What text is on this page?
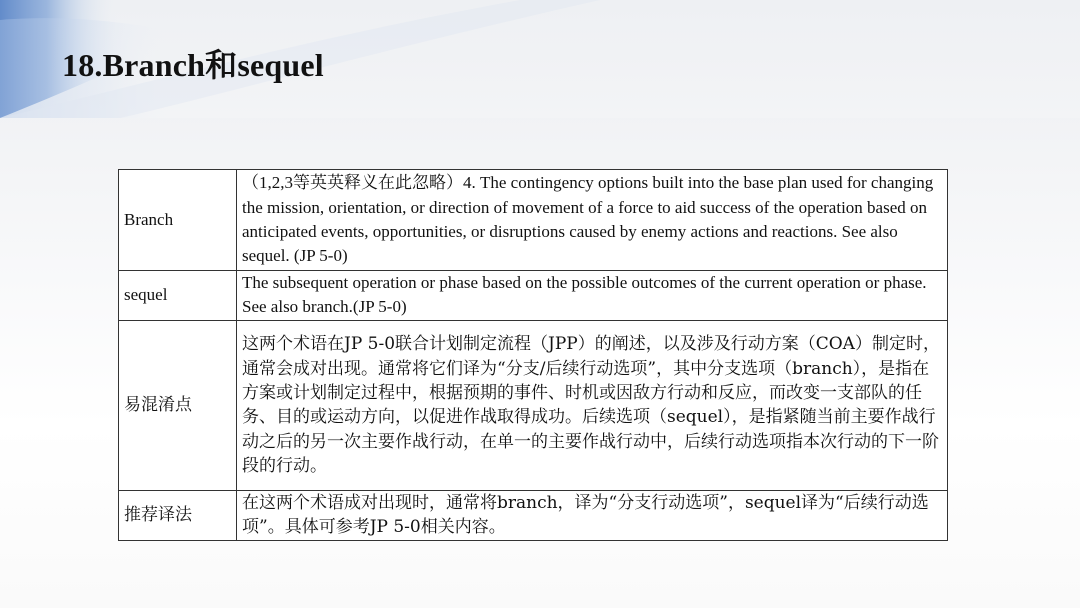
18.Branch和sequel
Branch	（1,2,3等英英释义在此忽略）4. The contingency options built into the base plan used for changing the mission, orientation, or direction of movement of a force to aid success of the operation based on anticipated events, opportunities, or disruptions caused by enemy actions and reactions. See also sequel. (JP 5-0)
sequel	The subsequent operation or phase based on the possible outcomes of the current operation or phase. See also branch.(JP 5-0)
易混淆点	这两个术语在JP 5-0联合计划制定流程（JPP）的阐述，以及涉及行动方案（COA）制定时，通常会成对出现。通常将它们译为“分支/后续行动选项”，其中分支选项（branch），是指在方案或计划制定过程中，根据预期的事件、时机或因敌方行动和反应，而改变一支部队的任务、目的或运动方向，以促进作战取得成功。后续选项（sequel），是指紧随当前主要作战行动之后的另一次主要作战行动，在单一的主要作战行动中，后续行动选项指本次行动的下一阶段的行动。
推荐译法	在这两个术语成对出现时，通常将branch，译为“分支行动选项”，sequel译为“后续行动选项”。具体可参考JP 5-0相关内容。
